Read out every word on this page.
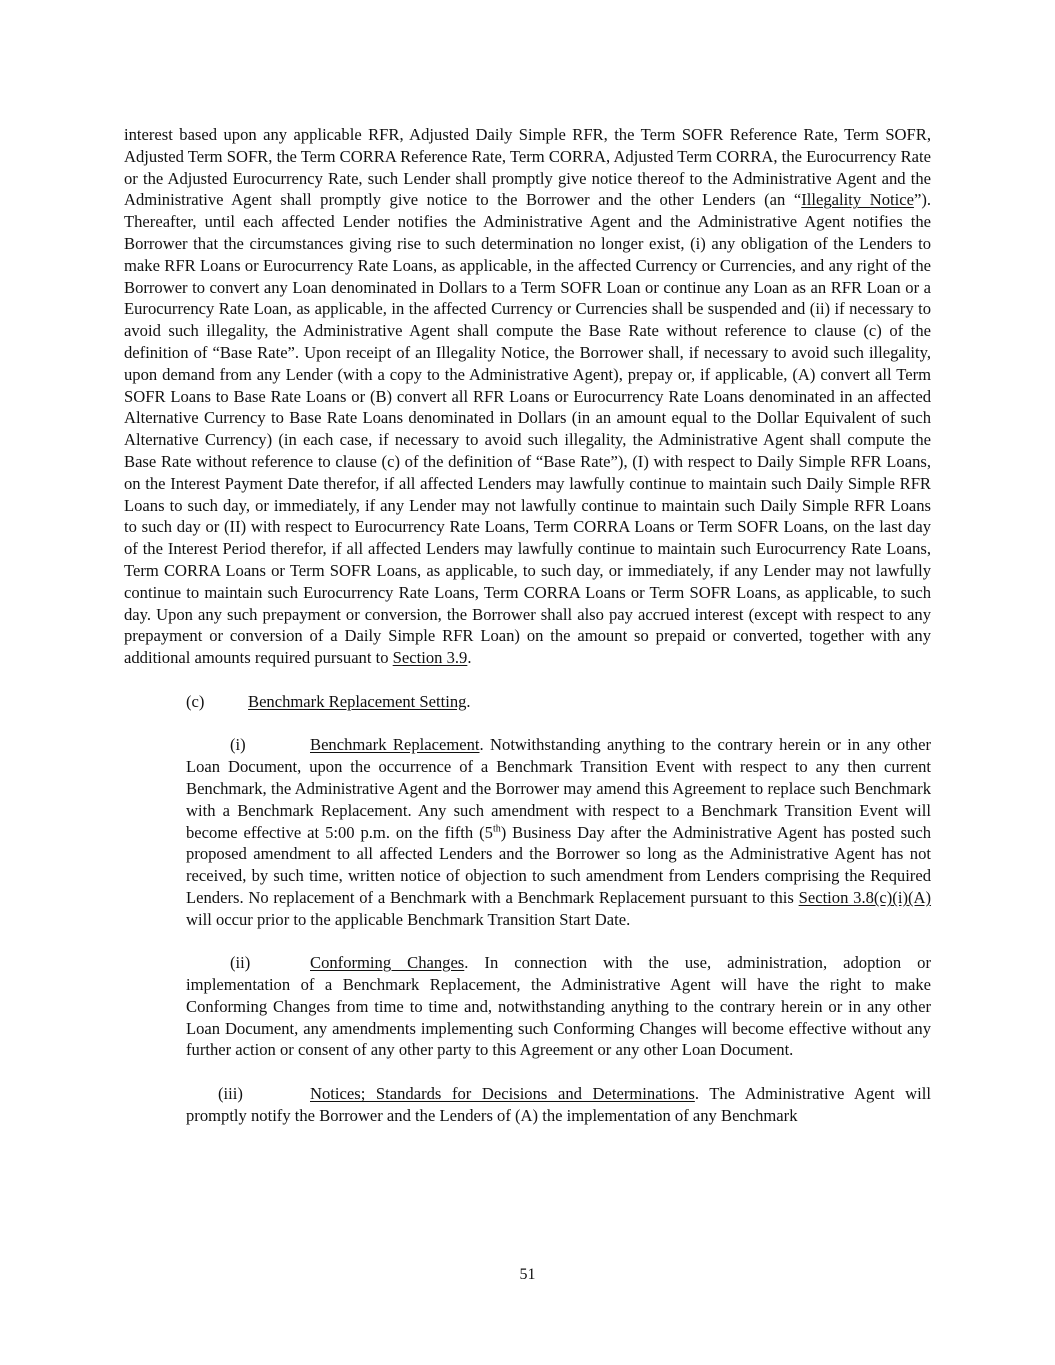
interest based upon any applicable RFR, Adjusted Daily Simple RFR, the Term SOFR Reference Rate, Term SOFR, Adjusted Term SOFR, the Term CORRA Reference Rate, Term CORRA, Adjusted Term CORRA, the Eurocurrency Rate or the Adjusted Eurocurrency Rate, such Lender shall promptly give notice thereof to the Administrative Agent and the Administrative Agent shall promptly give notice to the Borrower and the other Lenders (an “Illegality Notice”). Thereafter, until each affected Lender notifies the Administrative Agent and the Administrative Agent notifies the Borrower that the circumstances giving rise to such determination no longer exist, (i) any obligation of the Lenders to make RFR Loans or Eurocurrency Rate Loans, as applicable, in the affected Currency or Currencies, and any right of the Borrower to convert any Loan denominated in Dollars to a Term SOFR Loan or continue any Loan as an RFR Loan or a Eurocurrency Rate Loan, as applicable, in the affected Currency or Currencies shall be suspended and (ii) if necessary to avoid such illegality, the Administrative Agent shall compute the Base Rate without reference to clause (c) of the definition of “Base Rate”. Upon receipt of an Illegality Notice, the Borrower shall, if necessary to avoid such illegality, upon demand from any Lender (with a copy to the Administrative Agent), prepay or, if applicable, (A) convert all Term SOFR Loans to Base Rate Loans or (B) convert all RFR Loans or Eurocurrency Rate Loans denominated in an affected Alternative Currency to Base Rate Loans denominated in Dollars (in an amount equal to the Dollar Equivalent of such Alternative Currency) (in each case, if necessary to avoid such illegality, the Administrative Agent shall compute the Base Rate without reference to clause (c) of the definition of “Base Rate”), (I) with respect to Daily Simple RFR Loans, on the Interest Payment Date therefor, if all affected Lenders may lawfully continue to maintain such Daily Simple RFR Loans to such day, or immediately, if any Lender may not lawfully continue to maintain such Daily Simple RFR Loans to such day or (II) with respect to Eurocurrency Rate Loans, Term CORRA Loans or Term SOFR Loans, on the last day of the Interest Period therefor, if all affected Lenders may lawfully continue to maintain such Eurocurrency Rate Loans, Term CORRA Loans or Term SOFR Loans, as applicable, to such day, or immediately, if any Lender may not lawfully continue to maintain such Eurocurrency Rate Loans, Term CORRA Loans or Term SOFR Loans, as applicable, to such day. Upon any such prepayment or conversion, the Borrower shall also pay accrued interest (except with respect to any prepayment or conversion of a Daily Simple RFR Loan) on the amount so prepaid or converted, together with any additional amounts required pursuant to Section 3.9.

(c)	Benchmark Replacement Setting.

(i)	Benchmark Replacement. Notwithstanding anything to the contrary herein or in any other Loan Document, upon the occurrence of a Benchmark Transition Event with respect to any then current Benchmark, the Administrative Agent and the Borrower may amend this Agreement to replace such Benchmark with a Benchmark Replacement. Any such amendment with respect to a Benchmark Transition Event will become effective at 5:00 p.m. on the fifth (5th) Business Day after the Administrative Agent has posted such proposed amendment to all affected Lenders and the Borrower so long as the Administrative Agent has not received, by such time, written notice of objection to such amendment from Lenders comprising the Required Lenders. No replacement of a Benchmark with a Benchmark Replacement pursuant to this Section 3.8(c)(i)(A) will occur prior to the applicable Benchmark Transition Start Date.

(ii)	Conforming Changes. In connection with the use, administration, adoption or implementation of a Benchmark Replacement, the Administrative Agent will have the right to make Conforming Changes from time to time and, notwithstanding anything to the contrary herein or in any other Loan Document, any amendments implementing such Conforming Changes will become effective without any further action or consent of any other party to this Agreement or any other Loan Document.

(iii)	Notices; Standards for Decisions and Determinations. The Administrative Agent will promptly notify the Borrower and the Lenders of (A) the implementation of any Benchmark

51
